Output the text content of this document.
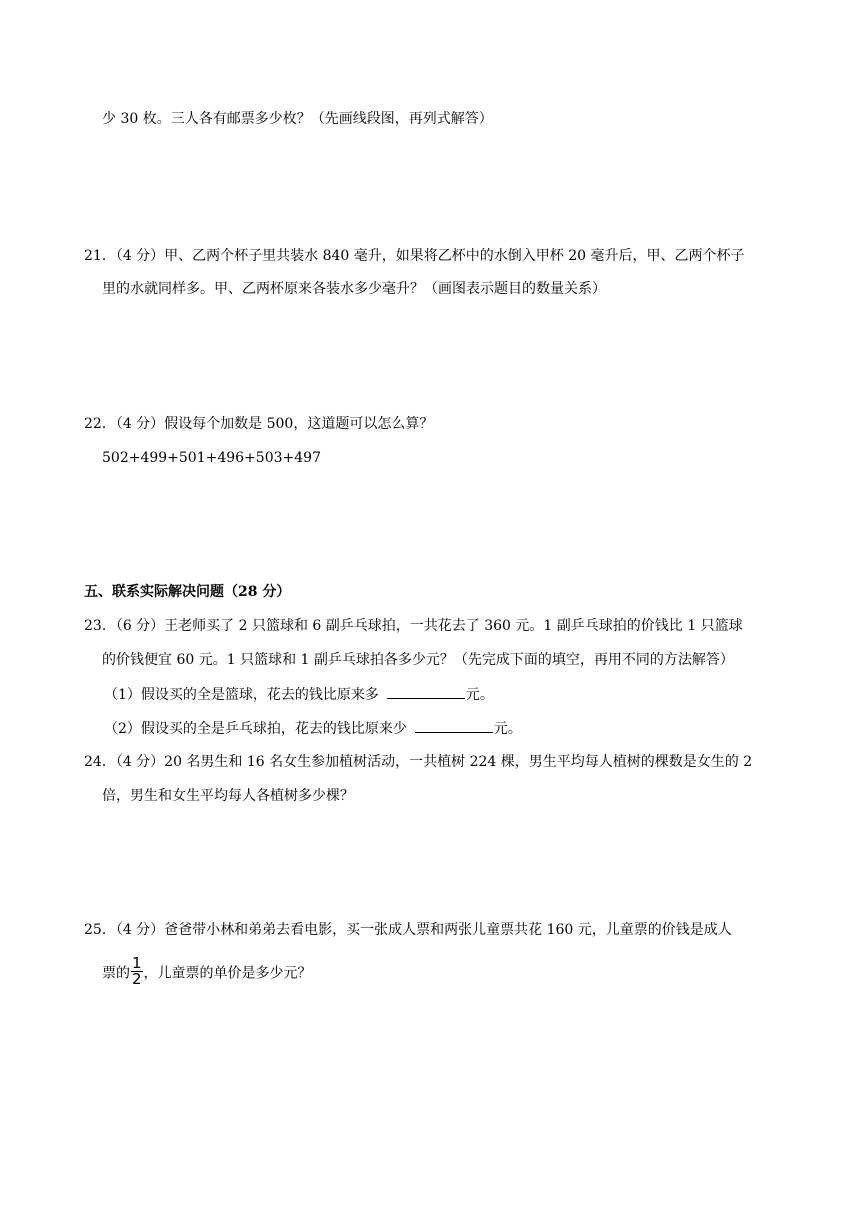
少 30 枚。三人各有邮票多少枚？（先画线段图，再列式解答）
21．（4 分）甲、乙两个杯子里共装水 840 毫升，如果将乙杯中的水倒入甲杯 20 毫升后，甲、乙两个杯子
里的水就同样多。甲、乙两杯原来各装水多少毫升？（画图表示题目的数量关系）
22．（4 分）假设每个加数是 500，这道题可以怎么算？
502+499+501+496+503+497
五、联系实际解决问题（28 分）
23．（6 分）王老师买了 2 只篮球和 6 副乒乓球拍，一共花去了 360 元。1 副乒乓球拍的价钱比 1 只篮球
的价钱便宜 60 元。1 只篮球和 1 副乒乓球拍各多少元？（先完成下面的填空，再用不同的方法解答）
（1）假设买的全是篮球，花去的钱比原来多	元。
（2）假设买的全是乒乓球拍，花去的钱比原来少	元。
24．（4 分）20 名男生和 16 名女生参加植树活动，一共植树 224 棵，男生平均每人植树的棵数是女生的 2
倍，男生和女生平均每人各植树多少棵？
25．（4 分）爸爸带小林和弟弟去看电影，买一张成人票和两张儿童票共花 160 元，儿童票的价钱是成人
票的 $\frac{1}{2}$ ，儿童票的单价是多少元？
